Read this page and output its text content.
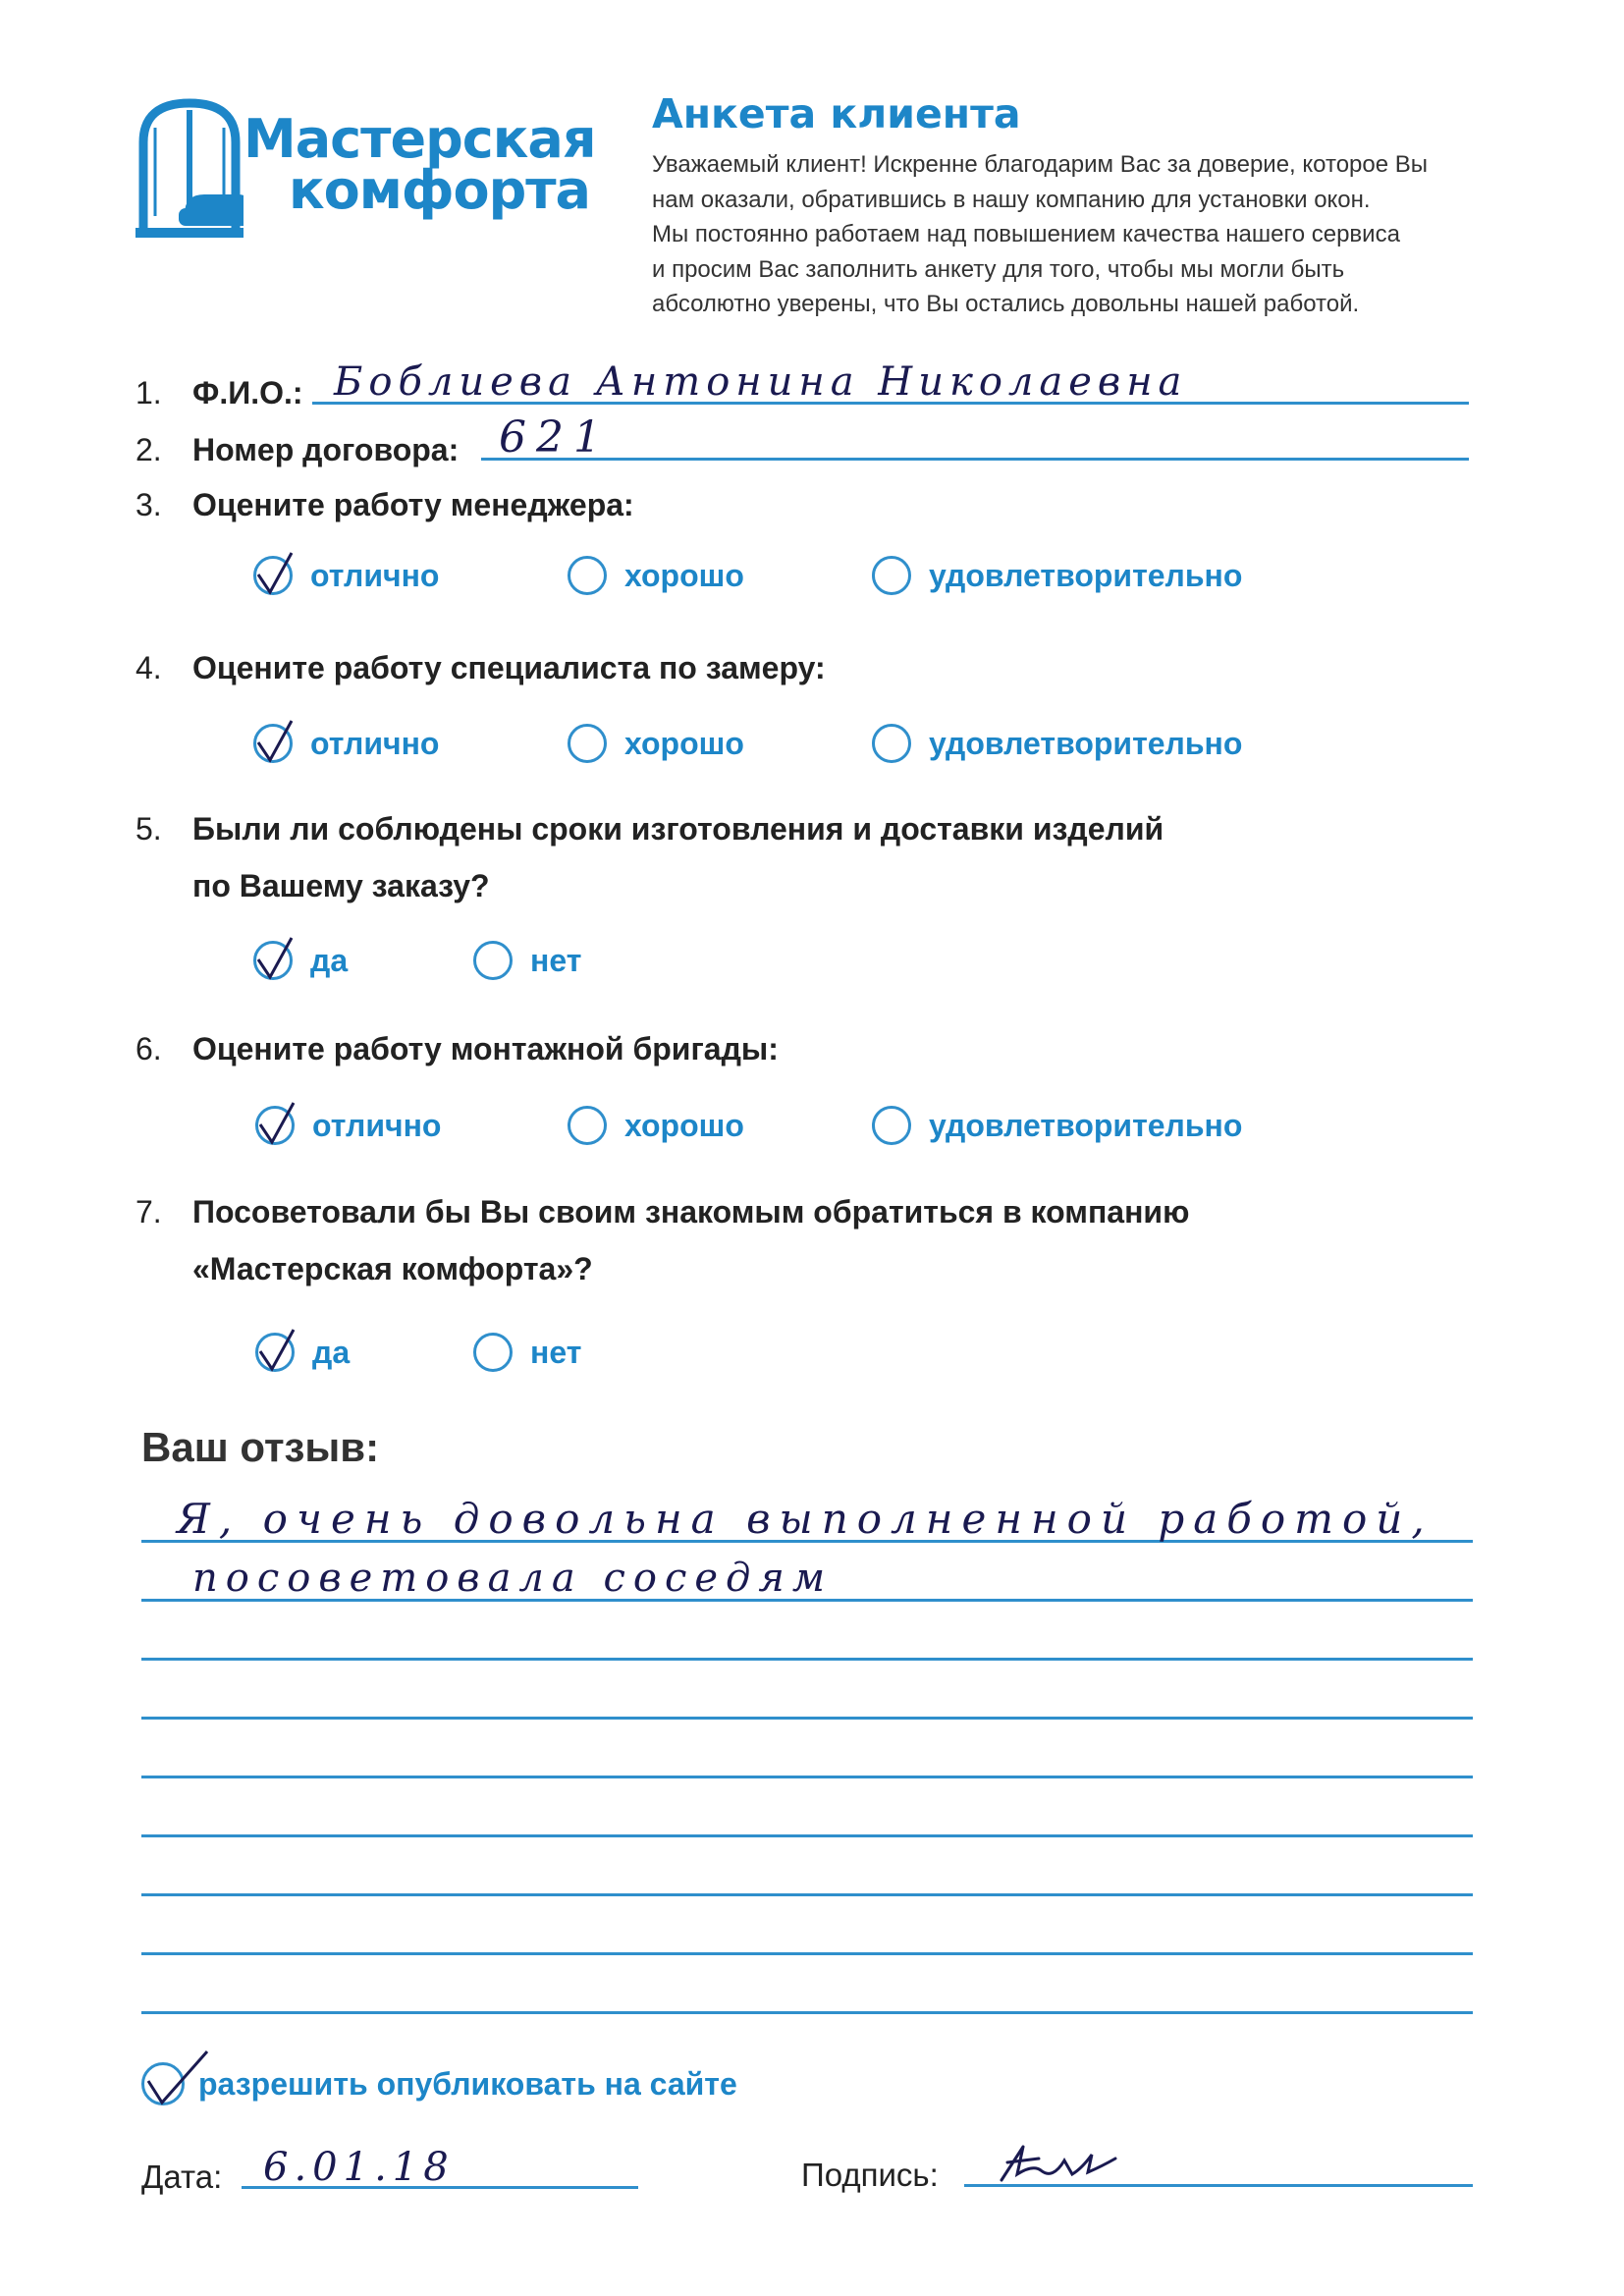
Мастерская
комфорта
Анкета клиента
Уважаемый клиент! Искренне благодарим Вас за доверие, которое Вы
нам оказали, обратившись в нашу компанию для установки окон.
Мы постоянно работаем над повышением качества нашего сервиса
и просим Вас заполнить анкету для того, чтобы мы могли быть
абсолютно уверены, что Вы остались довольны нашей работой.
1. Ф.И.О.: Боблиева Антонина Николаевна
2. Номер договора: 621
3. Оцените работу менеджера:
отлично	хорошо	удовлетворительно
4. Оцените работу специалиста по замеру:
отлично	хорошо	удовлетворительно
5. Были ли соблюдены сроки изготовления и доставки изделий
по Вашему заказу?
да	нет
6. Оцените работу монтажной бригады:
отлично	хорошо	удовлетворительно
7. Посоветовали бы Вы своим знакомым обратиться в компанию
«Мастерская комфорта»?
да	нет
Ваш отзыв:
Я, очень довольна выполненной работой,
посоветовала соседям
разрешить опубликовать на сайте
Дата: 6.01.18	Подпись:
